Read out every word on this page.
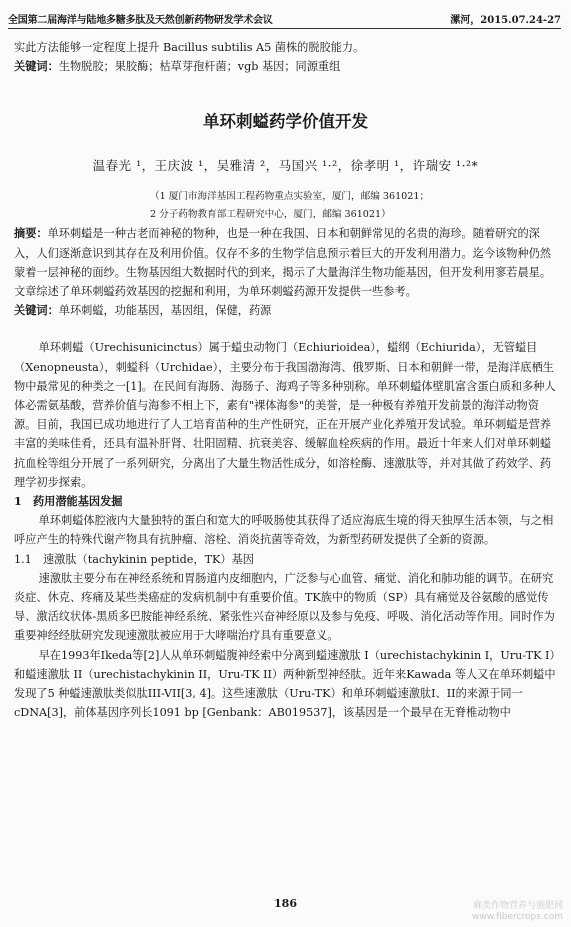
全国第二届海洋与陆地多糖多肽及天然创新药物研发学术会议	漯河，2015.07.24-27

实此方法能够一定程度上提升 Bacillus subtilis A5 菌株的脱胶能力。

关键词：生物脱胶；果胶酶；枯草芽孢杆菌；vgb 基因；同源重组

单环刺螠药学价值开发
温春光 ¹，王庆波 ¹，吴雅清 ²，马国兴 ¹·²，徐孝明 ¹，许瑞安 ¹·²*
（1 厦门市海洋基因工程药物重点实验室，厦门，邮编 361021；
2 分子药物教育部工程研究中心，厦门，邮编 361021）

摘要：单环刺螠是一种古老而神秘的物种，也是一种在我国、日本和朝鲜常见的名贵的海珍。随着研究的深入，人们逐渐意识到其存在及利用价值。仅存不多的生物学信息预示着巨大的开发利用潜力。迄今该物种仍然蒙着一层神秘的面纱。生物基因组大数据时代的到来，揭示了大量海洋生物功能基因，但开发利用寥若晨星。文章综述了单环刺螠药效基因的挖掘和利用，为单环刺螠药源开发提供一些参考。

关键词：单环刺螠，功能基因，基因组，保健，药源

单环刺螠（Urechisunicinctus）属于螠虫动物门（Echiurioidea），螠纲（Echiurida），无管螠目（Xenopneusta），刺螠科（Urchidae），主要分布于我国渤海湾、俄罗斯、日本和朝鲜一带，是海洋底栖生物中最常见的种类之一[1]。在民间有海肠、海肠子、海鸡子等多种别称。单环刺螠体壁肌富含蛋白质和多种人体必需氨基酸，营养价值与海参不相上下，素有"裸体海参"的美誉，是一种极有养殖开发前景的海洋动物资源。目前，我国已成功地进行了人工培育苗种的生产性研究，正在开展产业化养殖开发试验。单环刺螠是营养丰富的美味佳肴，还具有温补肝肾、壮阳固精、抗衰美容、缓解血栓疾病的作用。最近十年来人们对单环刺螠抗血栓等组分开展了一系列研究，分离出了大量生物活性成分，如溶栓酶、速激肽等，并对其做了药效学、药理学初步探索。

1　药用潜能基因发掘

单环刺螠体腔液内大量独特的蛋白和宽大的呼吸肠使其获得了适应海底生境的得天独厚生活本领，与之相呼应产生的特殊代谢产物具有抗肿瘤、溶栓、消炎抗菌等奇效，为新型药研发提供了全新的资源。

1.1　速激肽（tachykinin peptide，TK）基因

速激肽主要分布在神经系统和胃肠道内皮细胞内，广泛参与心血管、痛觉、消化和肺功能的调节。在研究炎症、休克、疼痛及某些类癌症的发病机制中有重要价值。TK族中的物质（SP）具有痛觉及谷氨酸的感觉传导、激活纹状体-黑质多巴胺能神经系统、紧张性兴奋神经原以及参与免疫、呼吸、消化活动等作用。同时作为重要神经经肽研究发现速激肽被应用于大哮喘治疗具有重要意义。

早在1993年Ikeda等[2]人从单环刺螠腹神经索中分离到螠速激肽 I（urechistachykinin I，Uru-TK I）和螠速激肽 II（urechistachykinin II，Uru-TK II）两种新型神经肽。近年来Kawada 等人又在单环刺螠中发现了5 种螠速激肽类似肽III-VII[3, 4]。这些速激肽（Uru-TK）和单环刺螠速激肽I、II的来源于同一cDNA[3]，前体基因序列长1091 bp [Genbank：AB019537]，该基因是一个最早在无脊椎动物中

186	麻类作物营养与施肥网
www.fibercrops.com
